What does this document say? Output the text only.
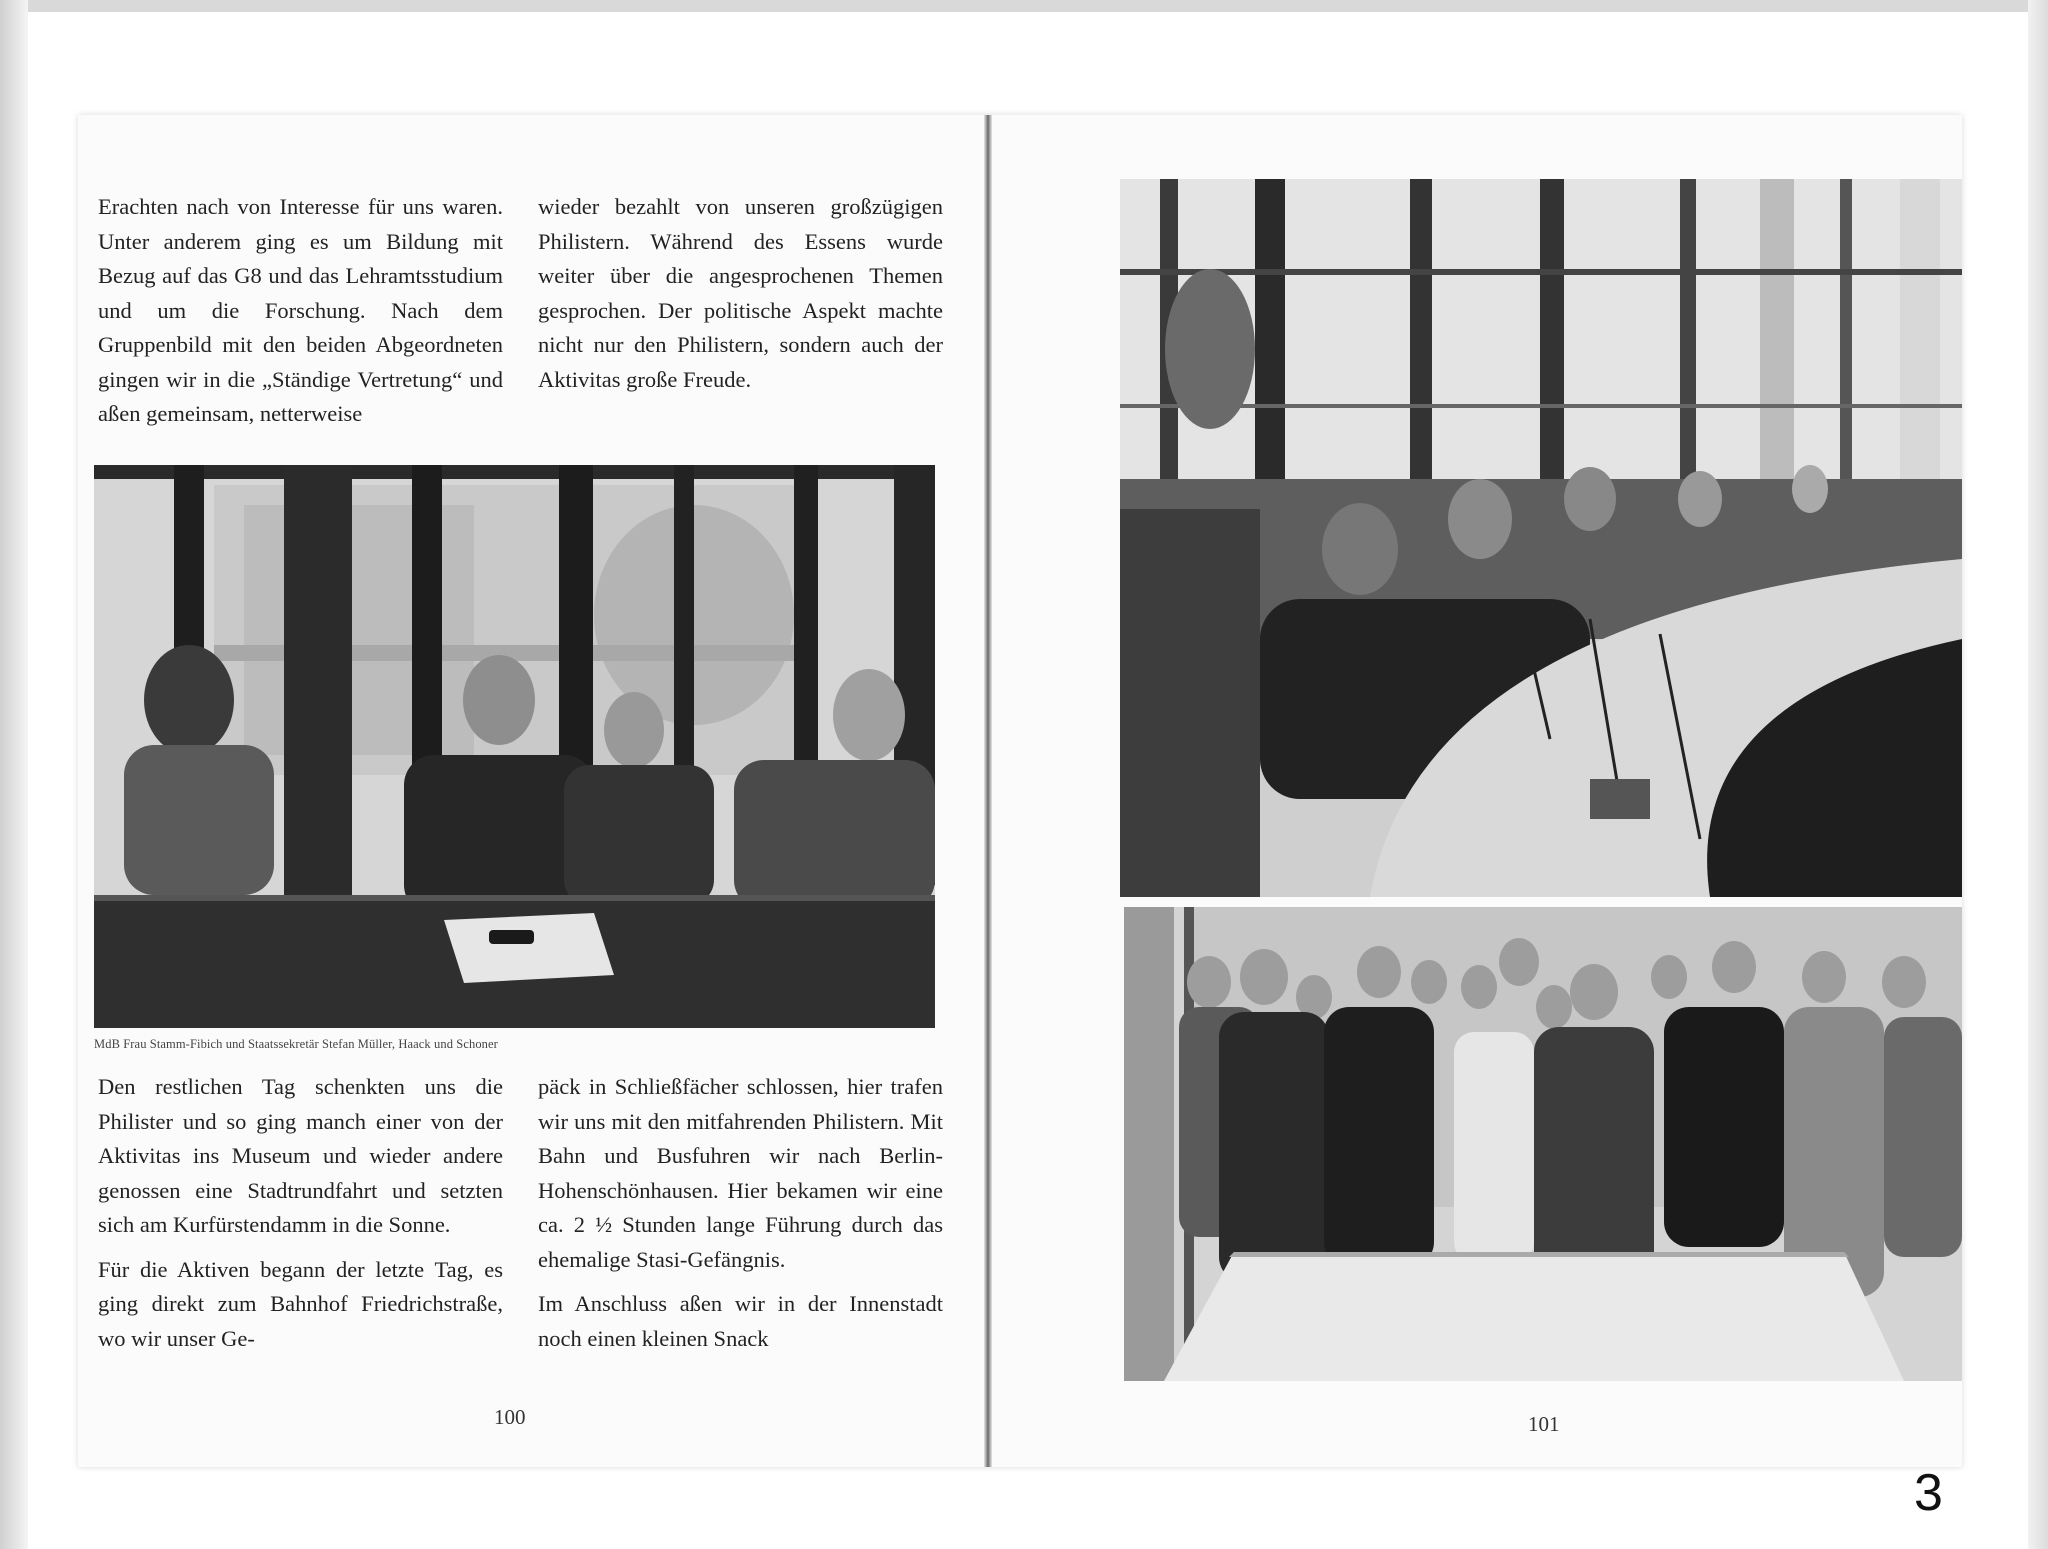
Erachten nach von Interesse für uns waren. Unter anderem ging es um Bildung mit Bezug auf das G8 und das Lehramtsstudium und um die Forschung. Nach dem Gruppenbild mit den beiden Abgeordneten gingen wir in die „Ständige Vertretung“ und aßen gemeinsam, netterweise

wieder bezahlt von unseren großzügigen Philistern. Während des Essens wurde weiter über die angesprochenen Themen gesprochen. Der politische Aspekt machte nicht nur den Philistern, sondern auch der Aktivitas große Freude.

MdB Frau Stamm-Fibich und Staatssekretär Stefan Müller, Haack und Schoner

Den restlichen Tag schenkten uns die Philister und so ging manch einer von der Aktivitas ins Museum und wieder andere genossen eine Stadtrundfahrt und setzten sich am Kurfürstendamm in die Sonne.

Für die Aktiven begann der letzte Tag, es ging direkt zum Bahnhof Friedrichstraße, wo wir unser Ge-

päck in Schließfächer schlossen, hier trafen wir uns mit den mitfahrenden Philistern. Mit Bahn und Busfuhren wir nach Berlin-Hohenschönhausen. Hier bekamen wir eine ca. 2 ½ Stunden lange Führung durch das ehemalige Stasi-Gefängnis.

Im Anschluss aßen wir in der Innenstadt noch einen kleinen Snack

100	101
3
